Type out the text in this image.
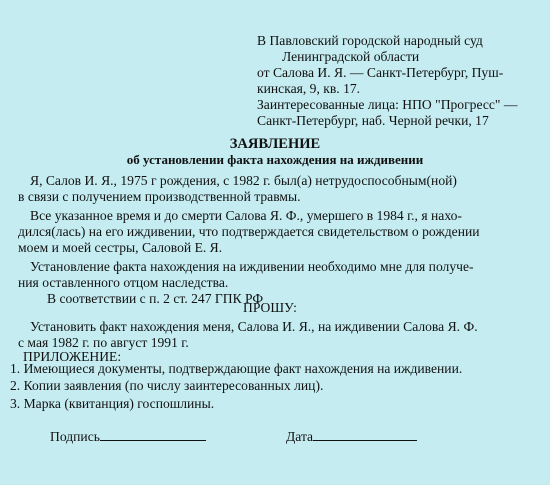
В Павловский городской народный суд
Ленинградской области
от Салова И. Я. — Санкт-Петербург, Пуш-
кинская, 9, кв. 17.
Заинтересованные лица: НПО "Прогресс" —
Санкт-Петербург, наб. Черной речки, 17
ЗАЯВЛЕНИЕ
об установлении факта нахождения на иждивении
Я, Салов И. Я., 1975 г рождения, с 1982 г. был(а) нетрудоспособным(ной)
в связи с получением производственной травмы.
Все указанное время и до смерти Салова Я. Ф., умершего в 1984 г., я нахо-
дился(лась) на его иждивении, что подтверждается свидетельством о рождении
моем и моей сестры, Саловой Е. Я.
Установление факта нахождения на иждивении необходимо мне для получе-
ния оставленного отцом наследства.
В соответствии с п. 2 ст. 247 ГПК РФ
ПРОШУ:
Установить факт нахождения меня, Салова И. Я., на иждивении Салова Я. Ф.
с мая 1982 г. по август 1991 г.
ПРИЛОЖЕНИЕ:
1. Имеющиеся документы, подтверждающие факт нахождения на иждивении.
2. Копии заявления (по числу заинтересованных лиц).
3. Марка (квитанция) госпошлины.
Подпись	Дата
